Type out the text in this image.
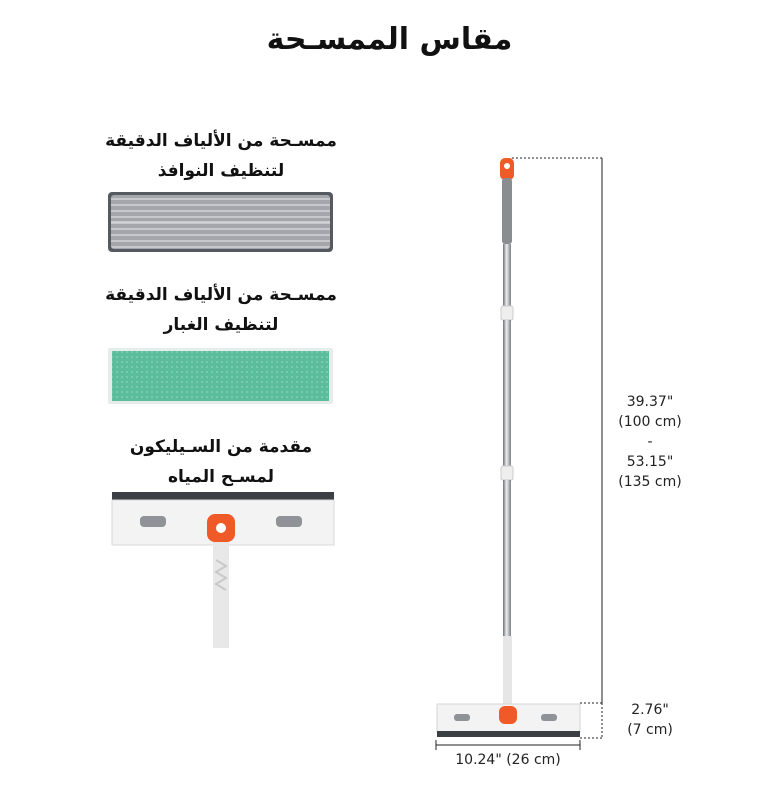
مقاس الممسـحة
ممسـحة من الألياف الدقيقة
لتنظيف النوافذ
ممسـحة من الألياف الدقيقة
لتنظيف الغبار
مقدمة من السـيليكون
لمسـح المياه
39.37"
(100 cm)
-
53.15"
(135 cm)
2.76"
(7 cm)
10.24" (26 cm)
